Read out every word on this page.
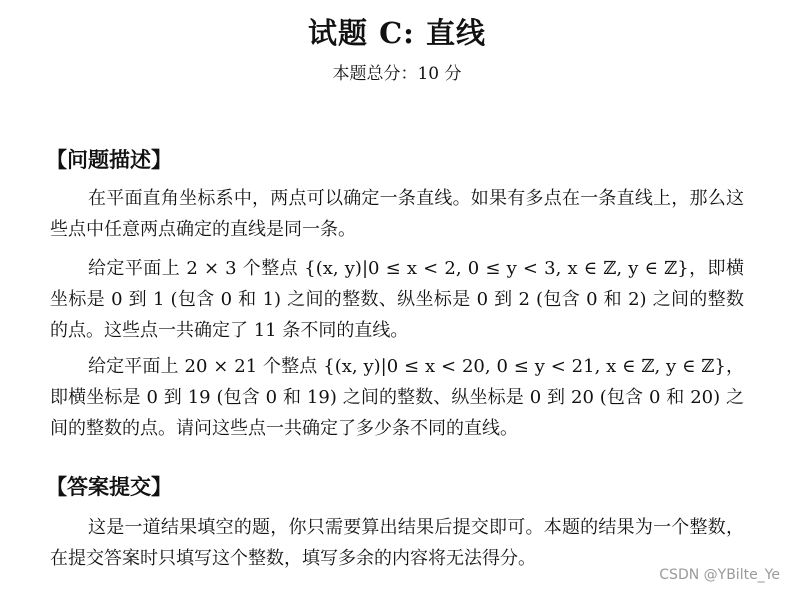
试题 C: 直线
本题总分：10 分
【问题描述】

在平面直角坐标系中，两点可以确定一条直线。如果有多点在一条直线上，那么这些点中任意两点确定的直线是同一条。

给定平面上 2 × 3 个整点 {(x, y)|0 ≤ x < 2, 0 ≤ y < 3, x ∈ ℤ, y ∈ ℤ}，即横坐标是 0 到 1 (包含 0 和 1) 之间的整数、纵坐标是 0 到 2 (包含 0 和 2) 之间的整数的点。这些点一共确定了 11 条不同的直线。

给定平面上 20 × 21 个整点 {(x, y)|0 ≤ x < 20, 0 ≤ y < 21, x ∈ ℤ, y ∈ ℤ}，即横坐标是 0 到 19 (包含 0 和 19) 之间的整数、纵坐标是 0 到 20 (包含 0 和 20) 之间的整数的点。请问这些点一共确定了多少条不同的直线。

【答案提交】

这是一道结果填空的题，你只需要算出结果后提交即可。本题的结果为一个整数，在提交答案时只填写这个整数，填写多余的内容将无法得分。

CSDN @YBilte_Ye
